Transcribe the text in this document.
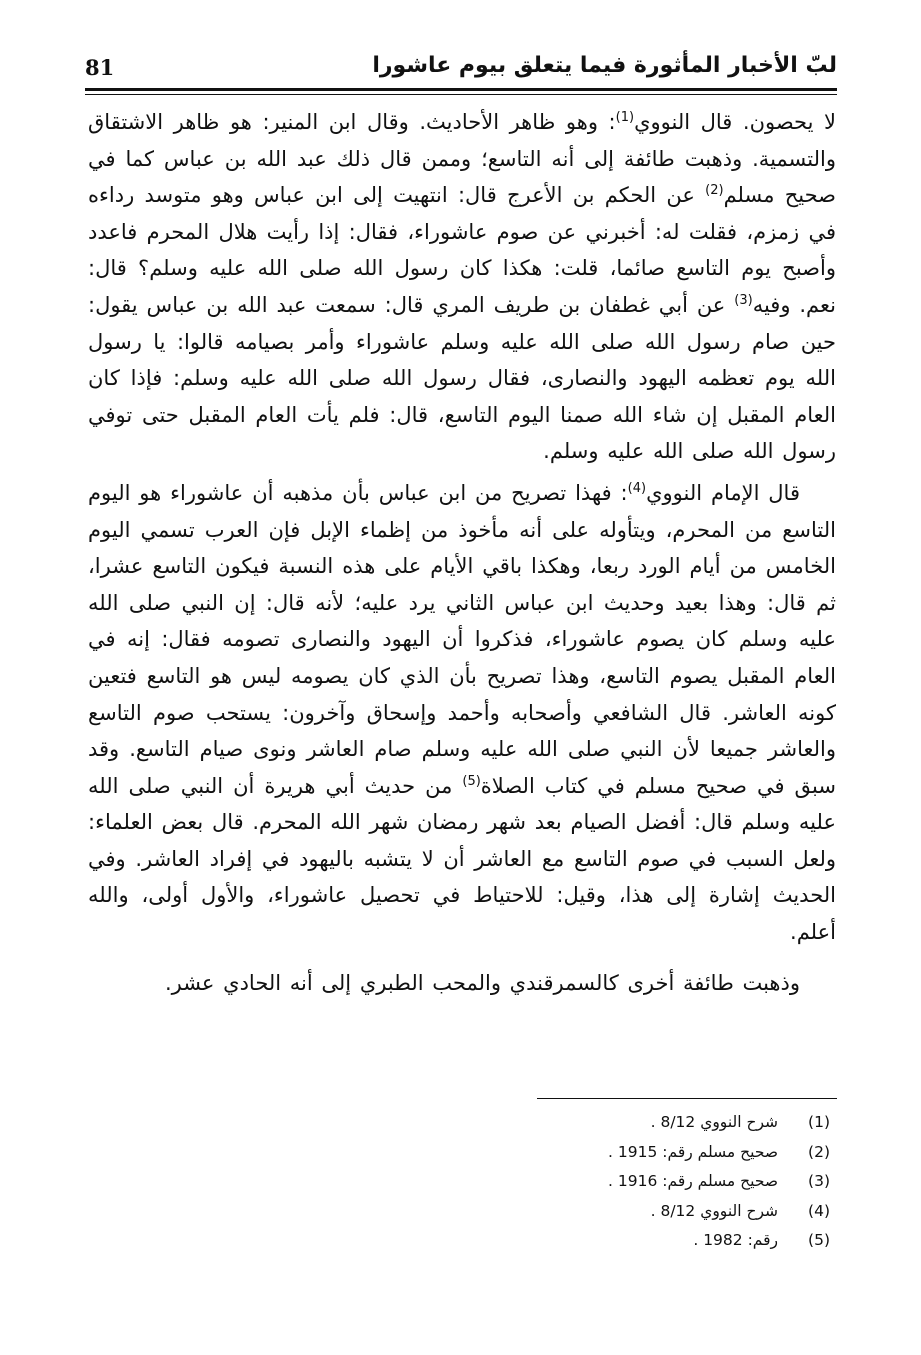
81	لبّ الأخبار المأثورة فيما يتعلق بيوم عاشورا

لا يحصون. قال النووي$^{(1)}$: وهو ظاهر الأحاديث. وقال ابن المنير: هو ظاهر الاشتقاق والتسمية. وذهبت طائفة إلى أنه التاسع؛ وممن قال ذلك عبد الله بن عباس كما في صحيح مسلم$^{(2)}$ عن الحكم بن الأعرج قال: انتهيت إلى ابن عباس وهو متوسد رداءه في زمزم، فقلت له: أخبرني عن صوم عاشوراء، فقال: إذا رأيت هلال المحرم فاعدد وأصبح يوم التاسع صائما، قلت: هكذا كان رسول الله صلى الله عليه وسلم؟ قال: نعم. وفيه$^{(3)}$ عن أبي غطفان بن طريف المري قال: سمعت عبد الله بن عباس يقول: حين صام رسول الله صلى الله عليه وسلم عاشوراء وأمر بصيامه قالوا: يا رسول الله يوم تعظمه اليهود والنصارى، فقال رسول الله صلى الله عليه وسلم: فإذا كان العام المقبل إن شاء الله صمنا اليوم التاسع، قال: فلم يأت العام المقبل حتى توفي رسول الله صلى الله عليه وسلم.

قال الإمام النووي$^{(4)}$: فهذا تصريح من ابن عباس بأن مذهبه أن عاشوراء هو اليوم التاسع من المحرم، ويتأوله على أنه مأخوذ من إظماء الإبل فإن العرب تسمي اليوم الخامس من أيام الورد ربعا، وهكذا باقي الأيام على هذه النسبة فيكون التاسع عشرا، ثم قال: وهذا بعيد وحديث ابن عباس الثاني يرد عليه؛ لأنه قال: إن النبي صلى الله عليه وسلم كان يصوم عاشوراء، فذكروا أن اليهود والنصارى تصومه فقال: إنه في العام المقبل يصوم التاسع، وهذا تصريح بأن الذي كان يصومه ليس هو التاسع فتعين كونه العاشر. قال الشافعي وأصحابه وأحمد وإسحاق وآخرون: يستحب صوم التاسع والعاشر جميعا لأن النبي صلى الله عليه وسلم صام العاشر ونوى صيام التاسع. وقد سبق في صحيح مسلم في كتاب الصلاة$^{(5)}$ من حديث أبي هريرة أن النبي صلى الله عليه وسلم قال: أفضل الصيام بعد شهر رمضان شهر الله المحرم. قال بعض العلماء: ولعل السبب في صوم التاسع مع العاشر أن لا يتشبه باليهود في إفراد العاشر. وفي الحديث إشارة إلى هذا، وقيل: للاحتياط في تحصيل عاشوراء، والأول أولى، والله أعلم.

وذهبت طائفة أخرى كالسمرقندي والمحب الطبري إلى أنه الحادي عشر.

(1)شرح النووي 8/12 .
(2)صحيح مسلم رقم: 1915 .
(3)صحيح مسلم رقم: 1916 .
(4)شرح النووي 8/12 .
(5)رقم: 1982 .
